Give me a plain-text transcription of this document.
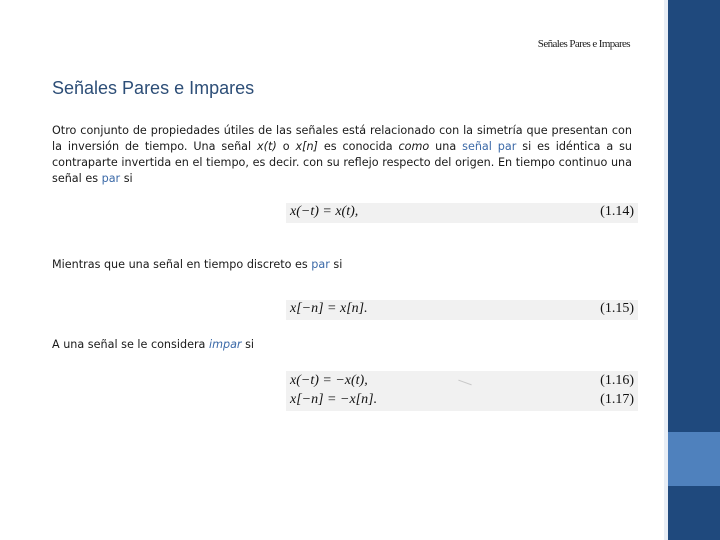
Señales Pares e Impares
Señales Pares e Impares
Otro conjunto de propiedades útiles de las señales está relacionado con la simetría que presentan con la inversión de tiempo. Una señal x(t) o x[n] es conocida como una señal par si es idéntica a su contraparte invertida en el tiempo, es decir. con su reflejo respecto del origen. En tiempo continuo una señal es par si
x(−t) = x(t),	(1.14)
Mientras que una señal en tiempo discreto es par si
x[−n] = x[n].	(1.15)
A una señal se le considera impar si
x(−t) = −x(t),	(1.16)
x[−n] = −x[n].	(1.17)
